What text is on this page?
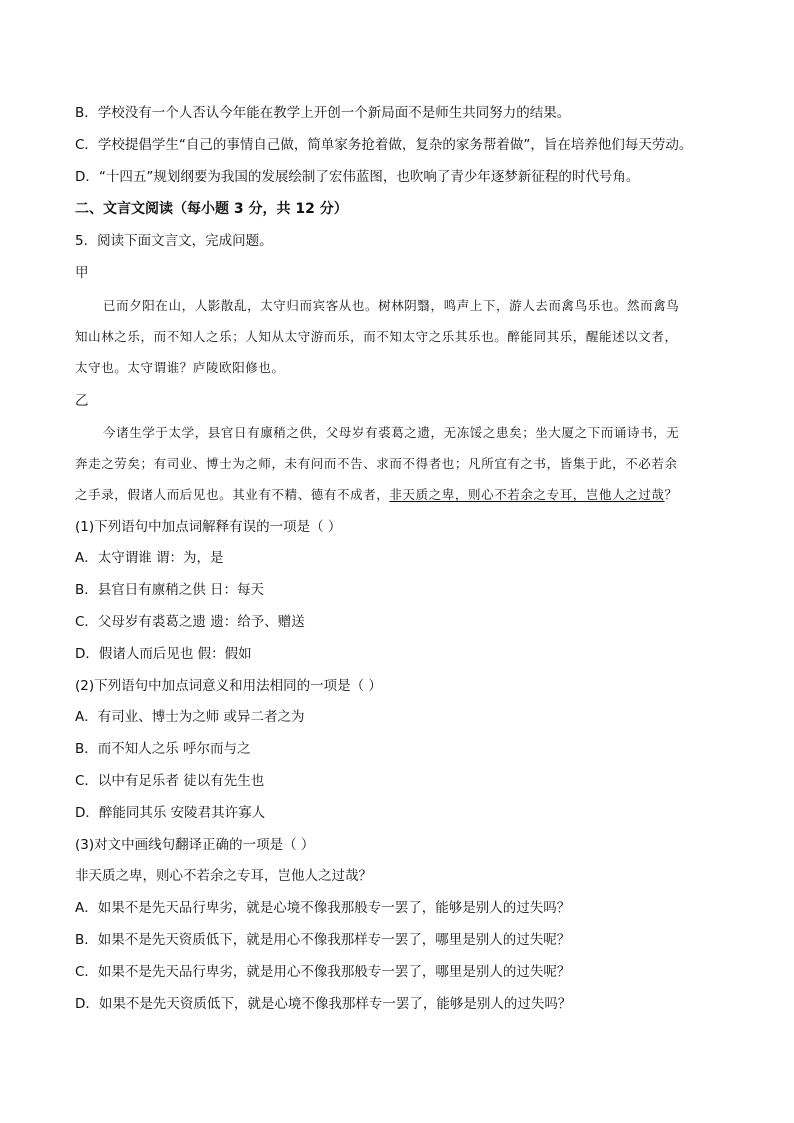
B．学校没有一个人否认今年能在教学上开创一个新局面不是师生共同努力的结果。
C．学校提倡学生“自己的事情自己做，简单家务抢着做，复杂的家务帮着做”，旨在培养他们每天劳动。
D．“十四五”规划纲要为我国的发展绘制了宏伟蓝图，也吹响了青少年逐梦新征程的时代号角。
二、文言文阅读（每小题 3 分，共 12 分）
5．阅读下面文言文，完成问题。
甲
已而夕阳在山，人影散乱，太守归而宾客从也。树林阴翳，鸣声上下，游人去而禽鸟乐也。然而禽鸟
知山林之乐，而不知人之乐；人知从太守游而乐，而不知太守之乐其乐也。醉能同其乐，醒能述以文者，
太守也。太守谓谁？庐陵欧阳修也。
乙
今诸生学于太学，县官日有廪稍之供，父母岁有裘葛之遗，无冻馁之患矣；坐大厦之下而诵诗书，无
奔走之劳矣；有司业、博士为之师，未有问而不告、求而不得者也；凡所宜有之书，皆集于此，不必若余
之手录，假诸人而后见也。其业有不精、德有不成者，非天质之卑，则心不若余之专耳，岂他人之过哉？
(1)下列语句中加点词解释有误的一项是（ ）
A．太守谓谁 谓：为，是
B．县官日有廪稍之供 日：每天
C．父母岁有裘葛之遗 遗：给予、赠送
D．假诸人而后见也 假：假如
(2)下列语句中加点词意义和用法相同的一项是（ ）
A．有司业、博士为之师 或异二者之为
B．而不知人之乐 呼尔而与之
C．以中有足乐者 徒以有先生也
D．醉能同其乐 安陵君其许寡人
(3)对文中画线句翻译正确的一项是（ ）
非天质之卑，则心不若余之专耳，岂他人之过哉？
A．如果不是先天品行卑劣，就是心境不像我那般专一罢了，能够是别人的过失吗？
B．如果不是先天资质低下，就是用心不像我那样专一罢了，哪里是别人的过失呢？
C．如果不是先天品行卑劣，就是用心不像我那般专一罢了，哪里是别人的过失呢？
D．如果不是先天资质低下，就是心境不像我那样专一罢了，能够是别人的过失吗？
